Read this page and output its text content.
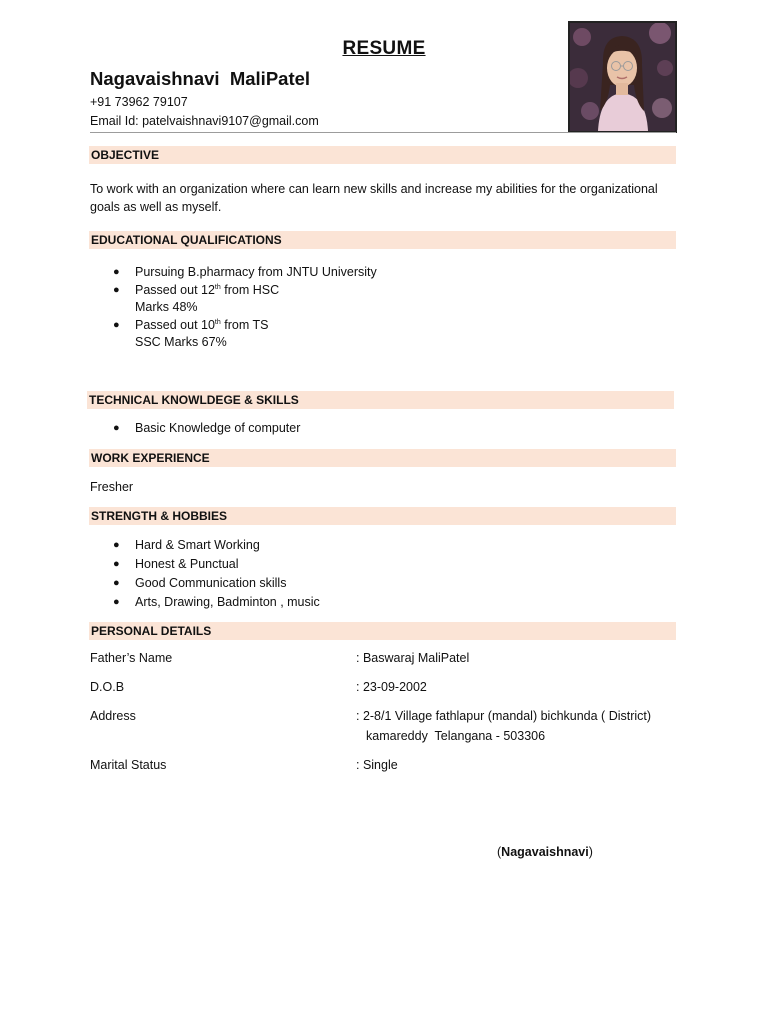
RESUME
Nagavaishnavi  MaliPatel
+91 73962 79107
Email Id: patelvaishnavi9107@gmail.com
OBJECTIVE
To work with an organization where can learn new skills and increase my abilities for the organizational goals as well as myself.
EDUCATIONAL QUALIFICATIONS
● Pursuing B.pharmacy from JNTU University
● Passed out 12th from HSC
Marks 48%
● Passed out 10th from TS
SSC Marks 67%
TECHNICAL KNOWLDEGE & SKILLS
● Basic Knowledge of computer
WORK EXPERIENCE
Fresher
STRENGTH & HOBBIES
● Hard & Smart Working
● Honest & Punctual
● Good Communication skills
● Arts, Drawing, Badminton , music
PERSONAL DETAILS
Father’s Name	: Baswaraj MaliPatel
D.O.B	: 23-09-2002
Address	: 2-8/1 Village fathlapur (mandal) bichkunda ( District)
kamareddy  Telangana - 503306
Marital Status	: Single
(Nagavaishnavi)
